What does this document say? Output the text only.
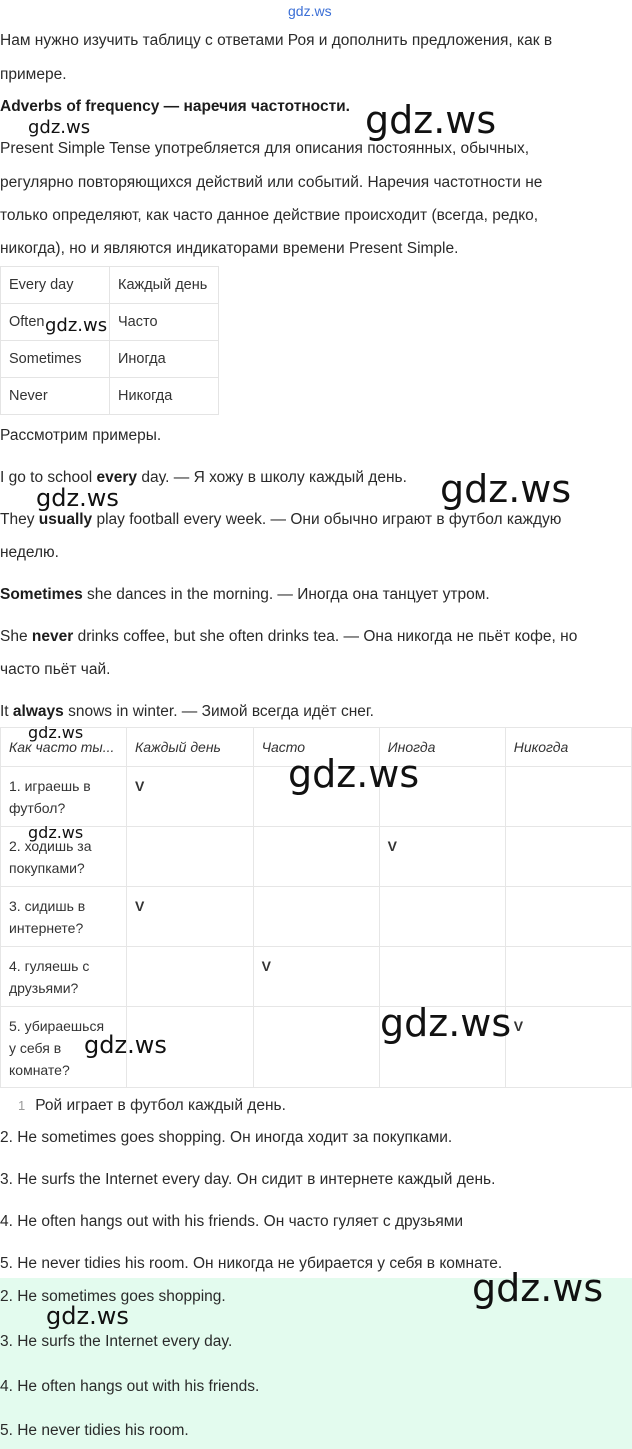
gdz.ws
Нам нужно изучить таблицу с ответами Роя и дополнить предложения, как в
примере.
Adverbs of frequency — наречия частотности.
Present Simple Tense употребляется для описания постоянных, обычных,
регулярно повторяющихся действий или событий. Наречия частотности не
только определяют, как часто данное действие происходит (всегда, редко,
никогда), но и являются индикаторами времени Present Simple.
Every day	Каждый день
Often	Часто
Sometimes	Иногда
Never	Никогда
Рассмотрим примеры.
I go to school every day. — Я хожу в школу каждый день.
They usually play football every week. — Они обычно играют в футбол каждую
неделю.
Sometimes she dances in the morning. — Иногда она танцует утром.
She never drinks coffee, but she often drinks tea. — Она никогда не пьёт кофе, но
часто пьёт чай.
It always snows in winter. — Зимой всегда идёт снег.
Как часто ты...	Каждый день	Часто	Иногда	Никогда

1. играешь в
футбол?	V			

2. ходишь за
покупками?			V	

3. сидишь в
интернете?	V			

4. гуляешь с
друзьями?		V		

5. убираешься
у себя в
комнате?				V
1 Рой играет в футбол каждый день.
2. He sometimes goes shopping. Он иногда ходит за покупками.
3. He surfs the Internet every day. Он сидит в интернете каждый день.
4. He often hangs out with his friends. Он часто гуляет с друзьями
5. He never tidies his room. Он никогда не убирается у себя в комнате.
2. He sometimes goes shopping.
3. He surfs the Internet every day.
4. He often hangs out with his friends.
5. He never tidies his room.
gdz.ws
gdz.ws
gdz.ws
gdz.ws
gdz.ws
gdz.ws
gdz.ws
gdz.ws
gdz.ws
gdz.ws
gdz.ws
gdz.ws
